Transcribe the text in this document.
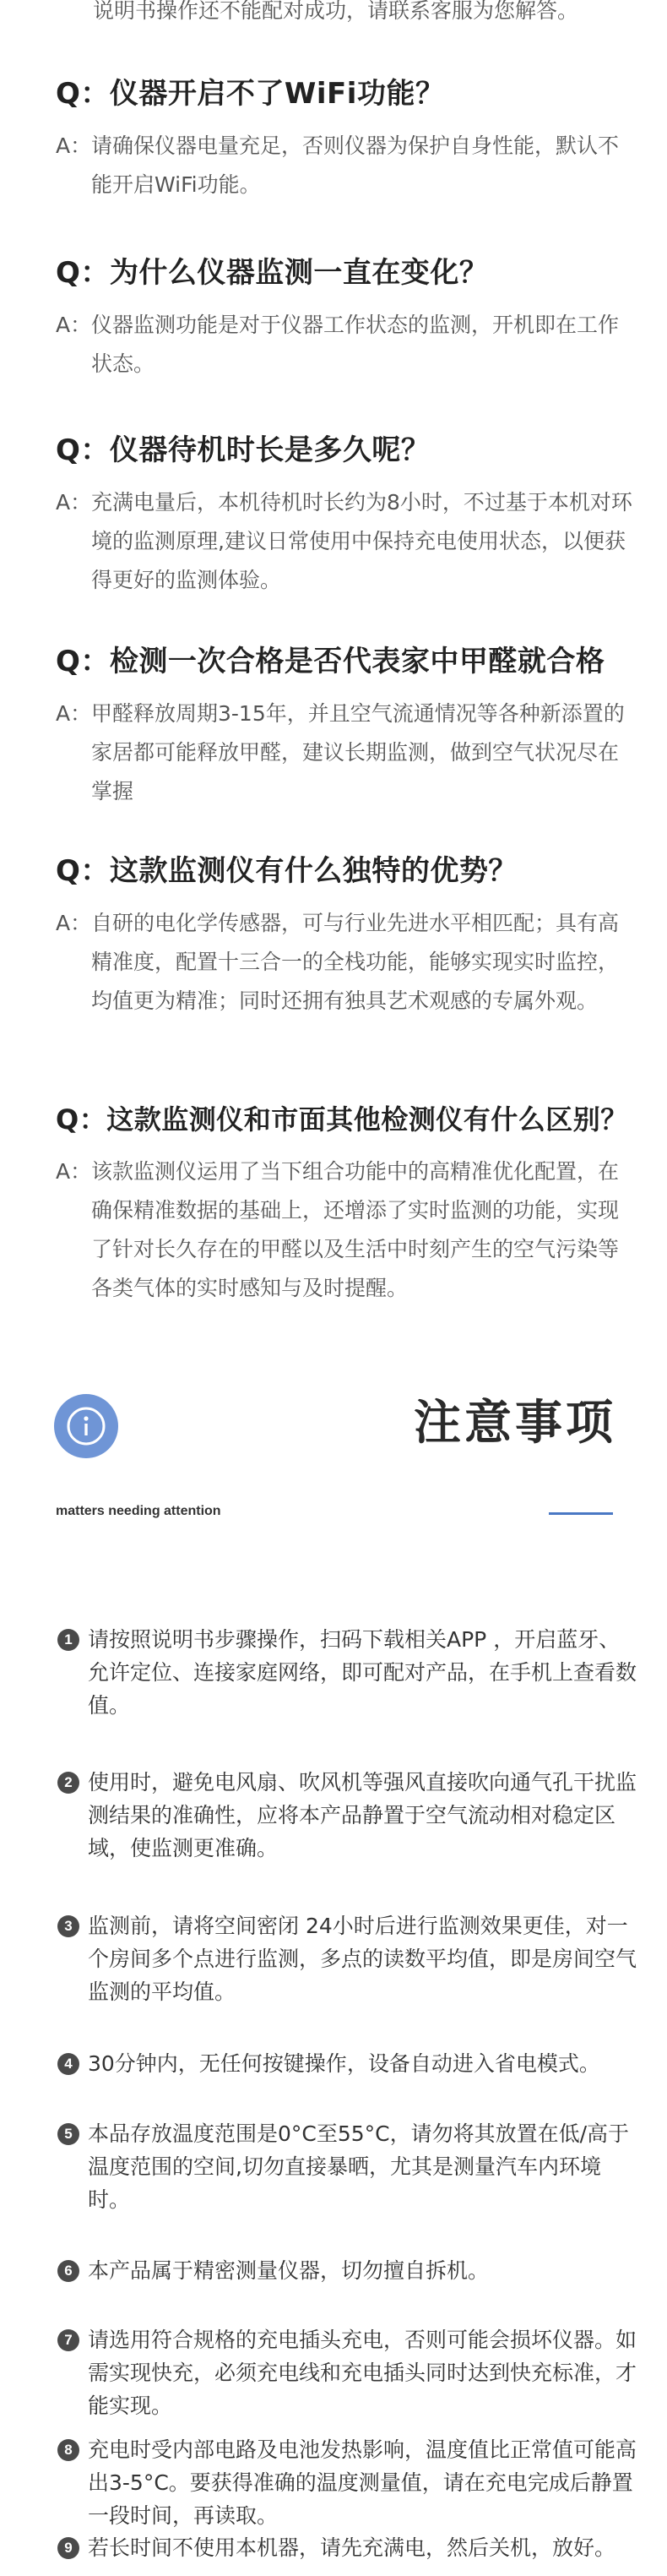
说明书操作还不能配对成功，请联系客服为您解答。
Q：仪器开启不了WiFi功能？
A： 请确保仪器电量充足，否则仪器为保护自身性能，默认不能开启WiFi功能。
Q：为什么仪器监测一直在变化？
A： 仪器监测功能是对于仪器工作状态的监测，开机即在工作状态。
Q：仪器待机时长是多久呢？
A： 充满电量后，本机待机时长约为8小时，不过基于本机对环境的监测原理,建议日常使用中保持充电使用状态，以便获得更好的监测体验。
Q：检测一次合格是否代表家中甲醛就合格
A： 甲醛释放周期3-15年，并且空气流通情况等各种新添置的家居都可能释放甲醛，建议长期监测，做到空气状况尽在掌握
Q：这款监测仪有什么独特的优势？
A： 自研的电化学传感器，可与行业先进水平相匹配；具有高精准度，配置十三合一的全栈功能，能够实现实时监控，均值更为精准；同时还拥有独具艺术观感的专属外观。
Q：这款监测仪和市面其他检测仪有什么区别？
A： 该款监测仪运用了当下组合功能中的高精准优化配置，在确保精准数据的基础上，还增添了实时监测的功能，实现了针对长久存在的甲醛以及生活中时刻产生的空气污染等各类气体的实时感知与及时提醒。
注意事项
matters needing attention
1 请按照说明书步骤操作，扫码下载相关APP ，开启蓝牙、允许定位、连接家庭网络，即可配对产品，在手机上查看数值。
2 使用时，避免电风扇、吹风机等强风直接吹向通气孔干扰监测结果的准确性，应将本产品静置于空气流动相对稳定区域，使监测更准确。
3 监测前，请将空间密闭 24小时后进行监测效果更佳，对一个房间多个点进行监测，多点的读数平均值，即是房间空气监测的平均值。
4 30分钟内，无任何按键操作，设备自动进入省电模式。
5 本品存放温度范围是0°C至55°C，请勿将其放置在低/高于温度范围的空间,切勿直接暴晒，尤其是测量汽车内环境时。
6 本产品属于精密测量仪器，切勿擅自拆机。
7 请选用符合规格的充电插头充电，否则可能会损坏仪器。如需实现快充，必须充电线和充电插头同时达到快充标准，才能实现。
8 充电时受内部电路及电池发热影响，温度值比正常值可能高出3-5°C。要获得准确的温度测量值，请在充电完成后静置一段时间，再读取。
9 若长时间不使用本机器，请先充满电，然后关机，放好。
